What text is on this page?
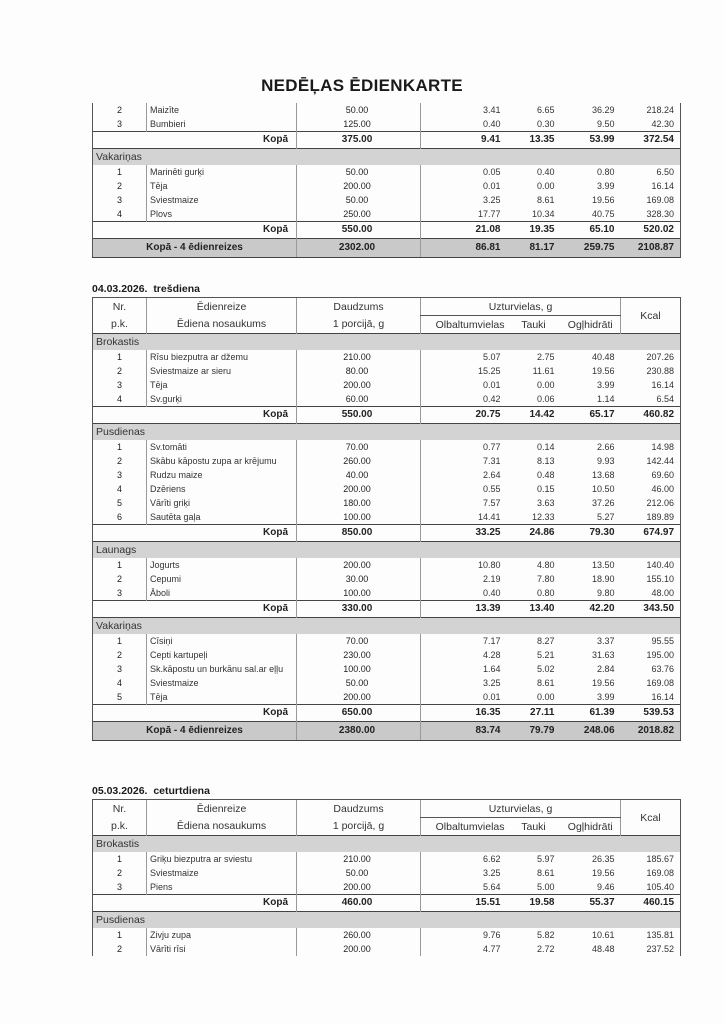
NEDĒĻAS ĒDIENKARTE
2	Maizīte	50.00	3.41	6.65	36.29	218.24
3	Bumbieri	125.00	0.40	0.30	9.50	42.30
Kopā		375.00	9.41	13.35	53.99	372.54
Vakariņas						
1	Marinēti gurķi	50.00	0.05	0.40	0.80	6.50
2	Tēja	200.00	0.01	0.00	3.99	16.14
3	Sviestmaize	50.00	3.25	8.61	19.56	169.08
4	Plovs	250.00	17.77	10.34	40.75	328.30
Kopā		550.00	21.08	19.35	65.10	520.02
Kopā - 4 ēdienreizes		2302.00	86.81	81.17	259.75	2108.87
04.03.2026. trešdiena
Nr.	Ēdienreize	Daudzums	Uzturvielas, g			Kcal
p.k.	Ēdiena nosaukums	1 porcijā, g	Olbaltumvielas	Tauki	Ogļhidrāti	
Brokastis						
1	Rīsu biezputra ar džemu	210.00	5.07	2.75	40.48	207.26
2	Sviestmaize ar sieru	80.00	15.25	11.61	19.56	230.88
3	Tēja	200.00	0.01	0.00	3.99	16.14
4	Sv.gurķi	60.00	0.42	0.06	1.14	6.54
Kopā		550.00	20.75	14.42	65.17	460.82
Pusdienas						
1	Sv.tomāti	70.00	0.77	0.14	2.66	14.98
2	Skābu kāpostu zupa ar krējumu	260.00	7.31	8.13	9.93	142.44
3	Rudzu maize	40.00	2.64	0.48	13.68	69.60
4	Dzēriens	200.00	0.55	0.15	10.50	46.00
5	Vārīti griķi	180.00	7.57	3.63	37.26	212.06
6	Sautēta gaļa	100.00	14.41	12.33	5.27	189.89
Kopā		850.00	33.25	24.86	79.30	674.97
Launags						
1	Jogurts	200.00	10.80	4.80	13.50	140.40
2	Cepumi	30.00	2.19	7.80	18.90	155.10
3	Āboli	100.00	0.40	0.80	9.80	48.00
Kopā		330.00	13.39	13.40	42.20	343.50
Vakariņas						
1	Cīsiņi	70.00	7.17	8.27	3.37	95.55
2	Cepti kartupeļi	230.00	4.28	5.21	31.63	195.00
3	Sk.kāpostu un burkānu sal.ar eļļu	100.00	1.64	5.02	2.84	63.76
4	Sviestmaize	50.00	3.25	8.61	19.56	169.08
5	Tēja	200.00	0.01	0.00	3.99	16.14
Kopā		650.00	16.35	27.11	61.39	539.53
Kopā - 4 ēdienreizes		2380.00	83.74	79.79	248.06	2018.82
05.03.2026. ceturtdiena
Nr.	Ēdienreize	Daudzums	Uzturvielas, g			Kcal
p.k.	Ēdiena nosaukums	1 porcijā, g	Olbaltumvielas	Tauki	Ogļhidrāti	
Brokastis						
1	Griķu biezputra ar sviestu	210.00	6.62	5.97	26.35	185.67
2	Sviestmaize	50.00	3.25	8.61	19.56	169.08
3	Piens	200.00	5.64	5.00	9.46	105.40
Kopā		460.00	15.51	19.58	55.37	460.15
Pusdienas						
1	Zivju zupa	260.00	9.76	5.82	10.61	135.81
2	Vārīti rīsi	200.00	4.77	2.72	48.48	237.52
